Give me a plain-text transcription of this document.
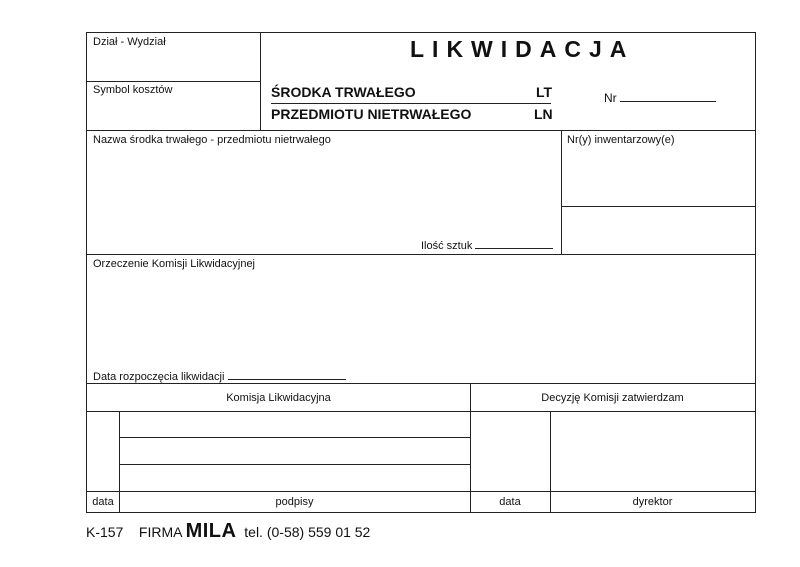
Dział - Wydział
Symbol kosztów
LIKWIDACJA
ŚRODKA TRWAŁEGO	LT
PRZEDMIOTU NIETRWAŁEGO	LN
Nr
Nazwa środka trwałego - przedmiotu nietrwałego	Nr(y) inwentarzowy(e)
Ilość sztuk
Orzeczenie Komisji Likwidacyjnej
Data rozpoczęcia likwidacji
Komisja Likwidacyjna	Decyzję Komisji zatwierdzam
data	podpisy	data	dyrektor
K-157 FIRMA MILA tel. (0-58) 559 01 52
